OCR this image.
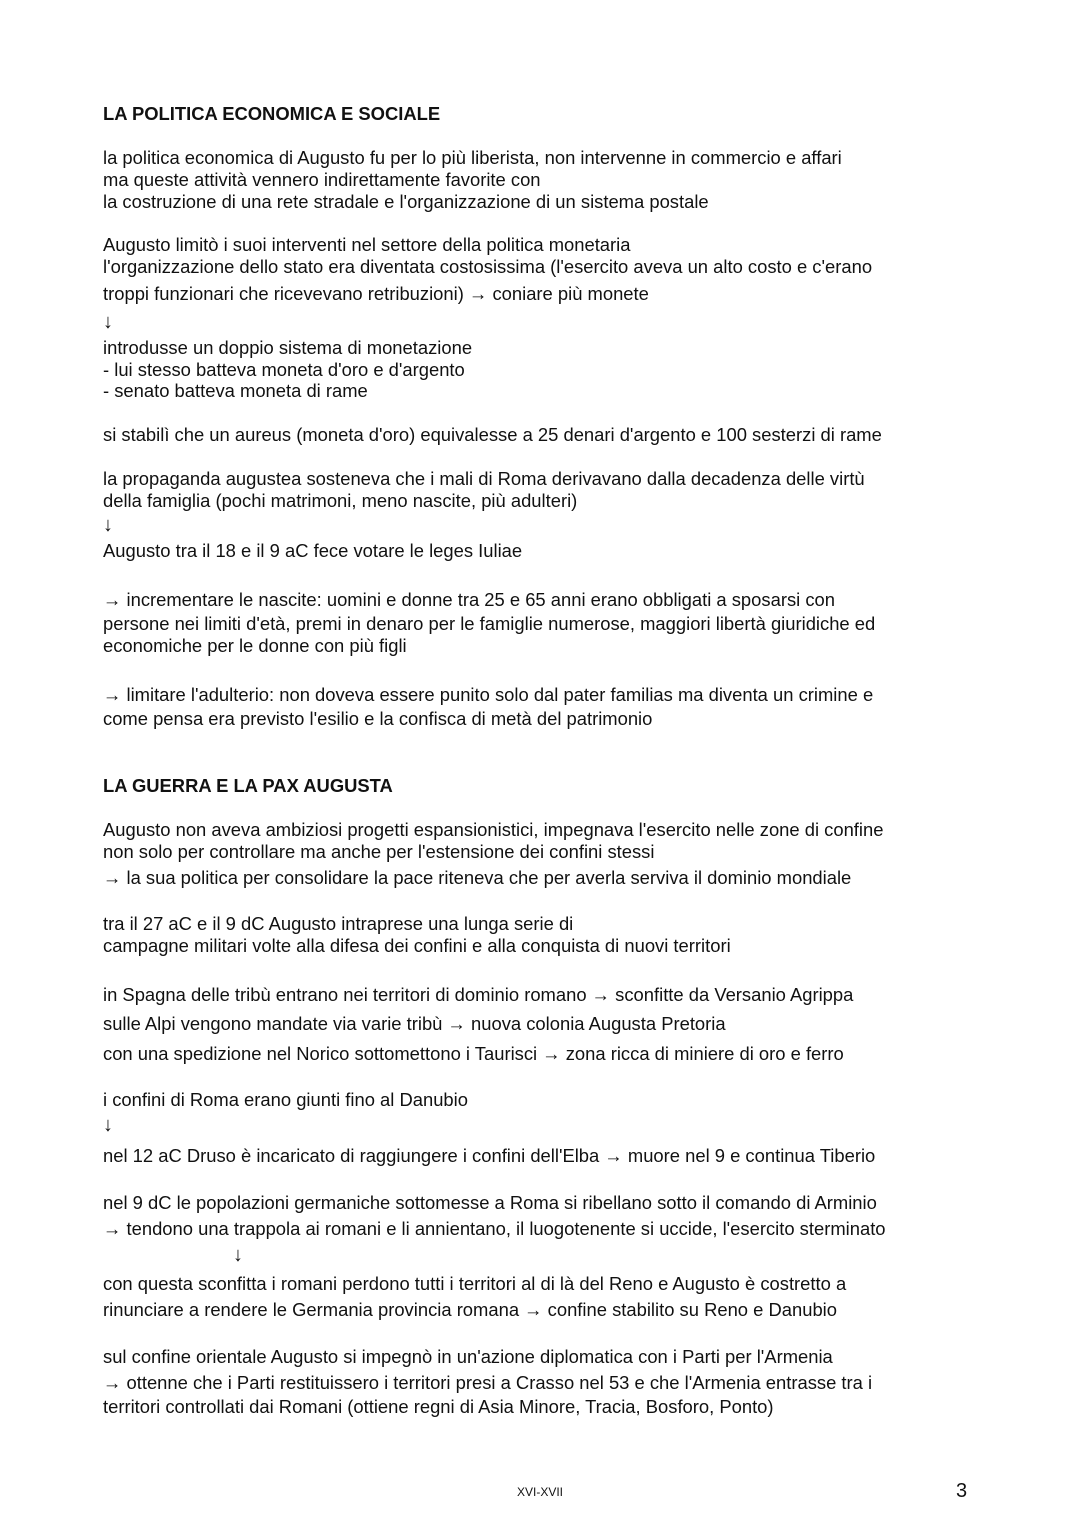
LA POLITICA ECONOMICA E SOCIALE
la politica economica di Augusto fu per lo più liberista, non intervenne in commercio e affari
ma queste attività vennero indirettamente favorite con
la costruzione di una rete stradale e l'organizzazione di un sistema postale
Augusto limitò i suoi interventi nel settore della politica monetaria
l'organizzazione dello stato era diventata costosissima (l'esercito aveva un alto costo e c'erano
troppi funzionari che ricevevano retribuzioni) → coniare più monete
↓
introdusse un doppio sistema di monetazione
- lui stesso batteva moneta d'oro e d'argento
- senato batteva moneta di rame
si stabilì che un aureus (moneta d'oro) equivalesse a 25 denari d'argento e 100 sesterzi di rame
la propaganda augustea sosteneva che i mali di Roma derivavano dalla decadenza delle virtù
della famiglia (pochi matrimoni, meno nascite, più adulteri)
↓
Augusto tra il 18 e il 9 aC fece votare le leges Iuliae
→ incrementare le nascite: uomini e donne tra 25 e 65 anni erano obbligati a sposarsi con
persone nei limiti d'età, premi in denaro per le famiglie numerose, maggiori libertà giuridiche ed
economiche per le donne con più figli
→ limitare l'adulterio: non doveva essere punito solo dal pater familias ma diventa un crimine e
come pensa era previsto l'esilio e la confisca di metà del patrimonio
LA GUERRA E LA PAX AUGUSTA
Augusto non aveva ambiziosi progetti espansionistici, impegnava l'esercito nelle zone di confine
non solo per controllare ma anche per l'estensione dei confini stessi
→ la sua politica per consolidare la pace riteneva che per averla serviva il dominio mondiale
tra il 27 aC e il 9 dC Augusto intraprese una lunga serie di
campagne militari volte alla difesa dei confini e alla conquista di nuovi territori
in Spagna delle tribù entrano nei territori di dominio romano → sconfitte da Versanio Agrippa
sulle Alpi vengono mandate via varie tribù → nuova colonia Augusta Pretoria
con una spedizione nel Norico sottomettono i Taurisci → zona ricca di miniere di oro e ferro
i confini di Roma erano giunti fino al Danubio
↓
nel 12 aC Druso è incaricato di raggiungere i confini dell'Elba → muore nel 9 e continua Tiberio
nel 9 dC le popolazioni germaniche sottomesse a Roma si ribellano sotto il comando di Arminio
→ tendono una trappola ai romani e li annientano, il luogotenente si uccide, l'esercito sterminato
↓
con questa sconfitta i romani perdono tutti i territori al di là del Reno e Augusto è costretto a
rinunciare a rendere le Germania provincia romana → confine stabilito su Reno e Danubio
sul confine orientale Augusto si impegnò in un'azione diplomatica con i Parti per l'Armenia
→ ottenne che i Parti restituissero i territori presi a Crasso nel 53 e che l'Armenia entrasse tra i
territori controllati dai Romani (ottiene regni di Asia Minore, Tracia, Bosforo, Ponto)
XVI-XVII	3
